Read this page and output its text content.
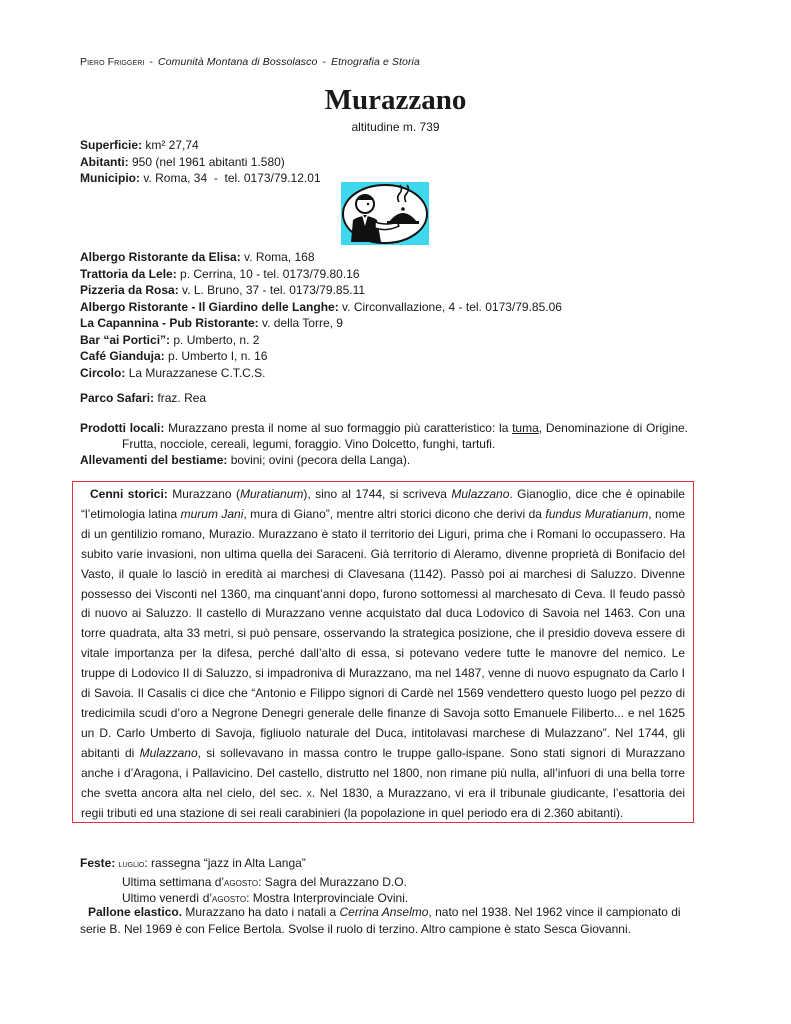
Piero Friggeri - Comunità Montana di Bossolasco - Etnografia e Storia
Murazzano
altitudine m. 739

Superficie: km² 27,74

Abitanti: 950 (nel 1961 abitanti 1.580)

Municipio: v. Roma, 34  -  tel. 0173/79.12.01

Albergo Ristorante da Elisa: v. Roma, 168

Trattoria da Lele: p. Cerrina, 10 - tel. 0173/79.80.16

Pizzeria da Rosa: v. L. Bruno, 37 - tel. 0173/79.85.11

Albergo Ristorante - Il Giardino delle Langhe: v. Circonvallazione, 4 - tel. 0173/79.85.06

La Capannina - Pub Ristorante: v. della Torre, 9

Bar “ai Portici”: p. Umberto, n. 2

Café Gianduja: p. Umberto I, n. 16

Circolo: La Murazzanese C.T.C.S.

Parco Safari: fraz. Rea

Prodotti locali: Murazzano presta il nome al suo formaggio più caratteristico: la tuma, Denominazione di Origine. Frutta, nocciole, cereali, legumi, foraggio. Vino Dolcetto, funghi, tartufi.

Allevamenti del bestiame: bovini; ovini (pecora della Langa).

Cenni storici: Murazzano (Muratianum), sino al 1744, si scriveva Mulazzano. Gianoglio, dice che è opinabile “l’etimologia latina murum Jani, mura di Giano”, mentre altri storici dicono che derivi da fundus Muratianum, nome di un gentilizio romano, Murazio. Murazzano è stato il territorio dei Liguri, prima che i Romani lo occupassero. Ha subito varie invasioni, non ultima quella dei Saraceni. Già territorio di Aleramo, divenne proprietà di Bonifacio del Vasto, il quale lo lasciò in eredità ai marchesi di Clavesana (1142). Passò poi ai marchesi di Saluzzo. Divenne possesso dei Visconti nel 1360, ma cinquant’anni dopo, furono sottomessi al marchesato di Ceva. Il feudo passò di nuovo ai Saluzzo. Il castello di Murazzano venne acquistato dal duca Lodovico di Savoia nel 1463. Con una torre quadrata, alta 33 metri, si può pensare, osservando la strategica posizione, che il presidio doveva essere di vitale importanza per la difesa, perché dall’alto di essa, si potevano vedere tutte le manovre del nemico. Le truppe di Lodovico II di Saluzzo, si impadroniva di Murazzano, ma nel 1487, venne di nuovo espugnato da Carlo I di Savoia. Il Casalis ci dice che “Antonio e Filippo signori di Cardè nel 1569 vendettero questo luogo pel pezzo di tredicimila scudi d’oro a Negrone Denegri generale delle finanze di Savoja sotto Emanuele Filiberto... e nel 1625 un D. Carlo Umberto di Savoja, figliuolo naturale del Duca, intitolavasi marchese di Mulazzano”. Nel 1744, gli abitanti di Mulazzano, si sollevavano in massa contro le truppe gallo-ispane. Sono stati signori di Murazzano anche i d’Aragona, i Pallavicino. Del castello, distrutto nel 1800, non rimane più nulla, all’infuori di una bella torre che svetta ancora alta nel cielo, del sec. x. Nel 1830, a Murazzano, vi era il tribunale giudicante, l’esattoria dei regii tributi ed una stazione di sei reali carabinieri (la popolazione in quel periodo era di 2.360 abitanti).

Feste: luglio: rassegna “jazz in Alta Langa”

Ultima settimana d’agosto: Sagra del Murazzano D.O.

Ultimo venerdì d’agosto: Mostra Interprovinciale Ovini.

Pallone elastico. Murazzano ha dato i natali a Cerrina Anselmo, nato nel 1938. Nel 1962 vince il campionato di serie B. Nel 1969 è con Felice Bertola. Svolse il ruolo di terzino. Altro campione è stato Sesca Giovanni.
